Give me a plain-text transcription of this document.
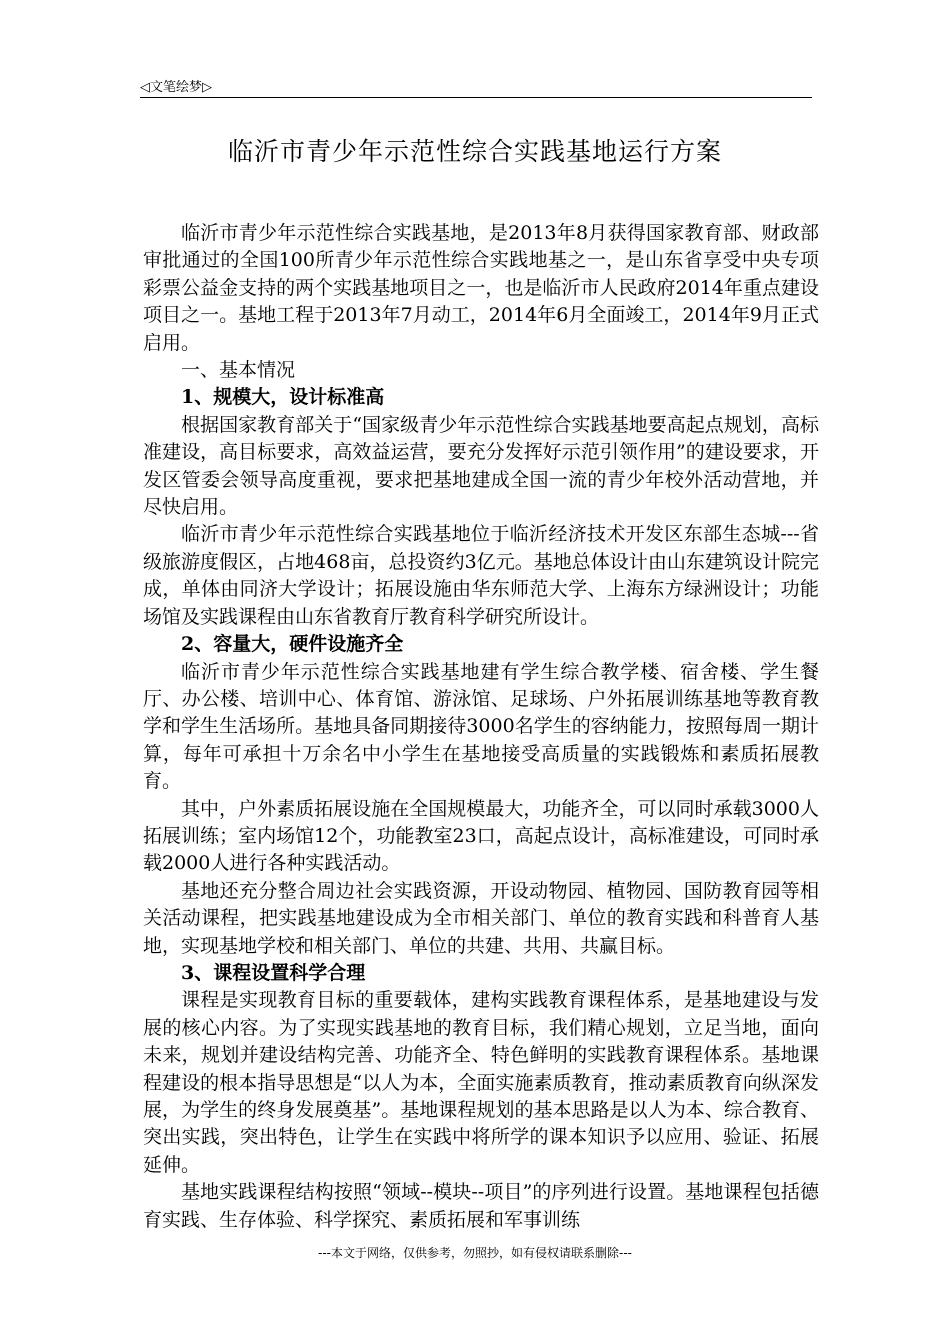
◁文笔绘梦▷
临沂市青少年示范性综合实践基地运行方案

临沂市青少年示范性综合实践基地，是2013年8月获得国家教育部、财政部审批通过的全国100所青少年示范性综合实践地基之一，是山东省享受中央专项彩票公益金支持的两个实践基地项目之一，也是临沂市人民政府2014年重点建设项目之一。基地工程于2013年7月动工，2014年6月全面竣工，2014年9月正式启用。

一、基本情况

1、规模大，设计标准高

根据国家教育部关于“国家级青少年示范性综合实践基地要高起点规划，高标准建设，高目标要求，高效益运营，要充分发挥好示范引领作用”的建设要求，开发区管委会领导高度重视，要求把基地建成全国一流的青少年校外活动营地，并尽快启用。

临沂市青少年示范性综合实践基地位于临沂经济技术开发区东部生态城---省级旅游度假区，占地468亩，总投资约3亿元。基地总体设计由山东建筑设计院完成，单体由同济大学设计；拓展设施由华东师范大学、上海东方绿洲设计；功能场馆及实践课程由山东省教育厅教育科学研究所设计。

2、容量大，硬件设施齐全

临沂市青少年示范性综合实践基地建有学生综合教学楼、宿舍楼、学生餐厅、办公楼、培训中心、体育馆、游泳馆、足球场、户外拓展训练基地等教育教学和学生生活场所。基地具备同期接待3000名学生的容纳能力，按照每周一期计算，每年可承担十万余名中小学生在基地接受高质量的实践锻炼和素质拓展教育。

其中，户外素质拓展设施在全国规模最大，功能齐全，可以同时承载3000人拓展训练；室内场馆12个，功能教室23口，高起点设计，高标准建设，可同时承载2000人进行各种实践活动。

基地还充分整合周边社会实践资源，开设动物园、植物园、国防教育园等相关活动课程，把实践基地建设成为全市相关部门、单位的教育实践和科普育人基地，实现基地学校和相关部门、单位的共建、共用、共赢目标。

3、课程设置科学合理

课程是实现教育目标的重要载体，建构实践教育课程体系，是基地建设与发展的核心内容。为了实现实践基地的教育目标，我们精心规划，立足当地，面向未来，规划并建设结构完善、功能齐全、特色鲜明的实践教育课程体系。基地课程建设的根本指导思想是“以人为本，全面实施素质教育，推动素质教育向纵深发展，为学生的终身发展奠基”。基地课程规划的基本思路是以人为本、综合教育、突出实践，突出特色，让学生在实践中将所学的课本知识予以应用、验证、拓展延伸。

基地实践课程结构按照“领域--模块--项目”的序列进行设置。基地课程包括德育实践、生存体验、科学探究、素质拓展和军事训练

---本文于网络，仅供参考，勿照抄，如有侵权请联系删除---
